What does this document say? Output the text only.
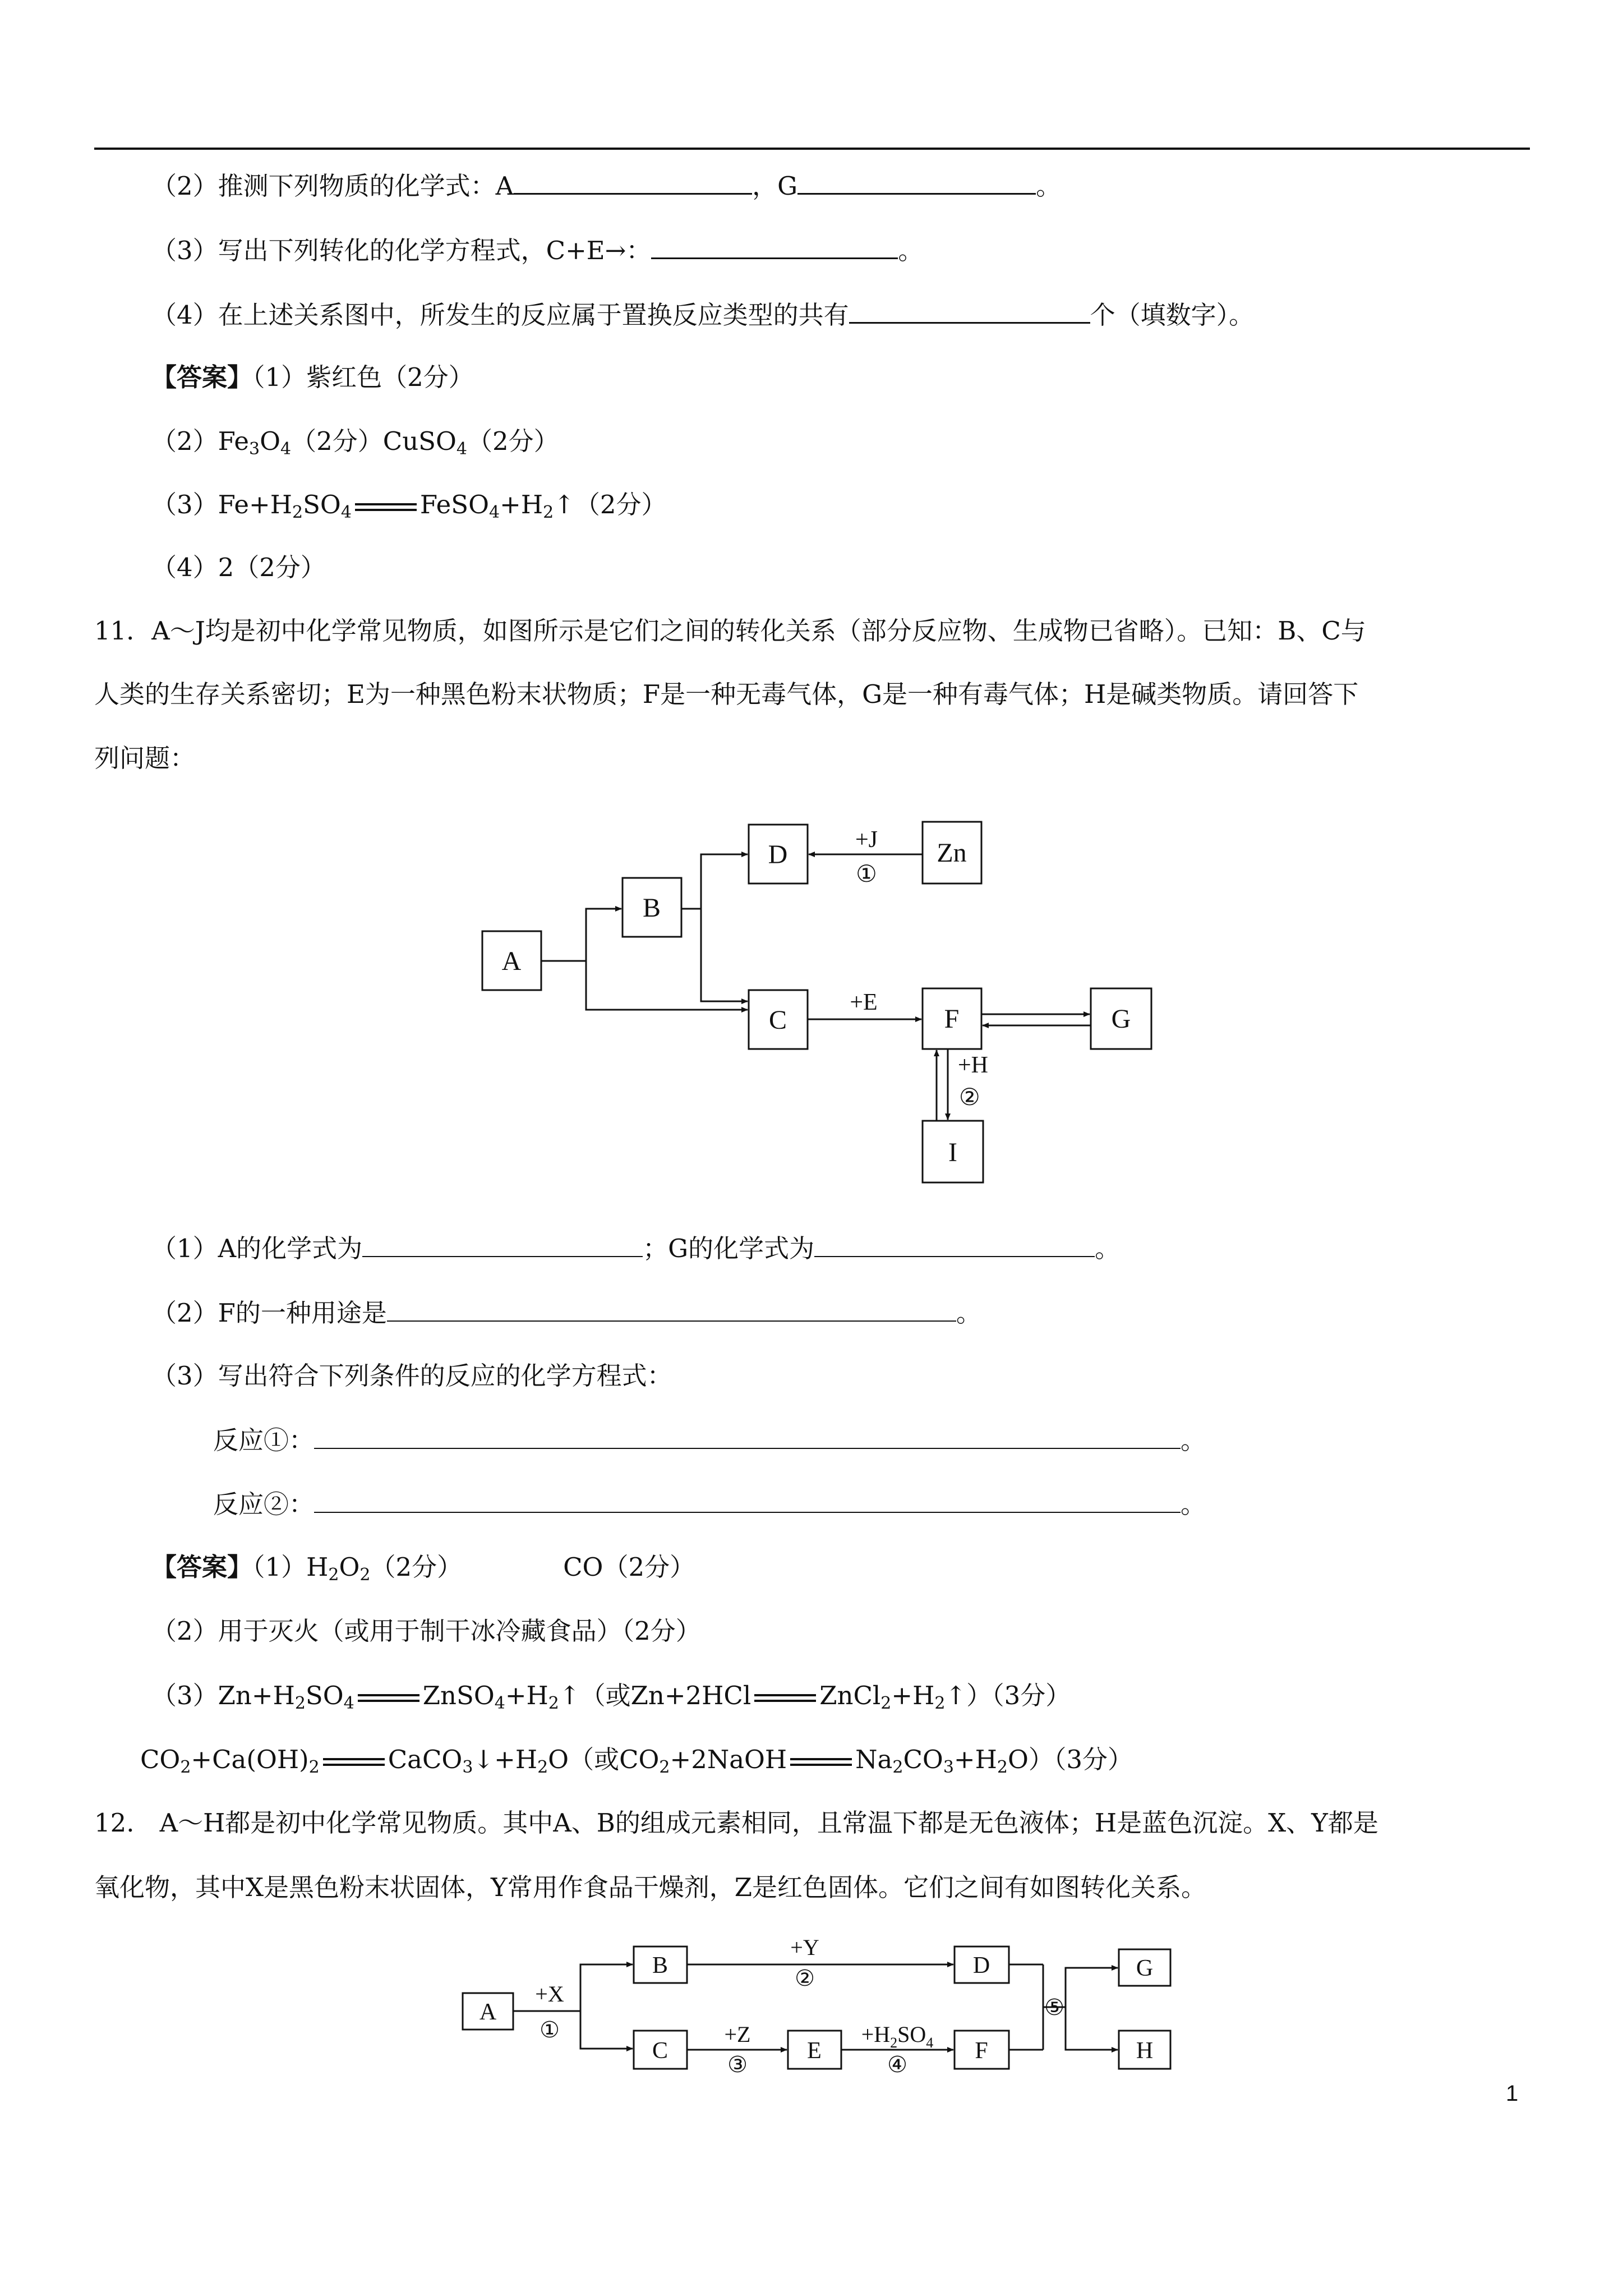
（2）推测下列物质的化学式：A	，G	。
（3）写出下列转化的化学方程式，C+E→：	。
（4）在上述关系图中，所发生的反应属于置换反应类型的共有	个（填数字）。
【答案】（1）紫红色（2分）
$(2)Fe_3O_4(2$分）CuSO$_4$（2分）
$(3)Fe+H_2SO_4$	$FeSO_4+H_2↑(2$分）
（4）2（2分）
11．A～J均是初中化学常见物质，如图所示是它们之间的转化关系（部分反应物、生成物已省略）。已知：B、C与
人类的生存关系密切；E为一种黑色粉末状物质；F是一种无毒气体，G是一种有毒气体；H是碱类物质。请回答下
列问题：
A
B
D	Zn
C	F	G
I
+J
①
+E
+H
②
（1）A的化学式为	；G的化学式为	。
（2）F的一种用途是	。
（3）写出符合下列条件的反应的化学方程式：
反应①：	。
反应②：	。
【答案】$(1)H_2O_2(2$分）	CO（2分）
（2）用于灭火（或用于制干冰冷藏食品）（2分）
$(3)Zn+H_2SO_4$	$ZnSO_4+H_2↑$（或Zn+2HCl	$ZnCl_2+H_2↑)(3$分）
$CO_2+Ca(OH)_2$	$CaCO_3↓+H_2O$（或$CO_2+2NaOH$	$Na_2CO_3+H_2O)(3$分）
12.　A～H都是初中化学常见物质。其中A、B的组成元素相同，且常温下都是无色液体；H是蓝色沉淀。X、Y都是
氧化物，其中X是黑色粉末状固体，Y常用作食品干燥剂，Z是红色固体。它们之间有如图转化关系。
A
B
C	E
D
F
G
H
+X
①
+Y
②
+Z
③
$+H_2SO_4$
④
⑤
1
